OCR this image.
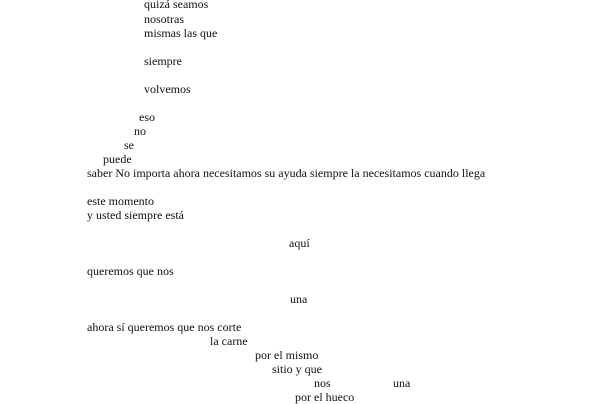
quizá seamos
nosotras
mismas las que
siempre
volvemos
eso
no
se
puede
saber No importa ahora necesitamos su ayuda siempre la necesitamos cuando llega
este momento
y usted siempre está
aquí
queremos que nos
una
ahora sí queremos que nos corte
la carne
por el mismo
sitio y que
nos	una
por el hueco
